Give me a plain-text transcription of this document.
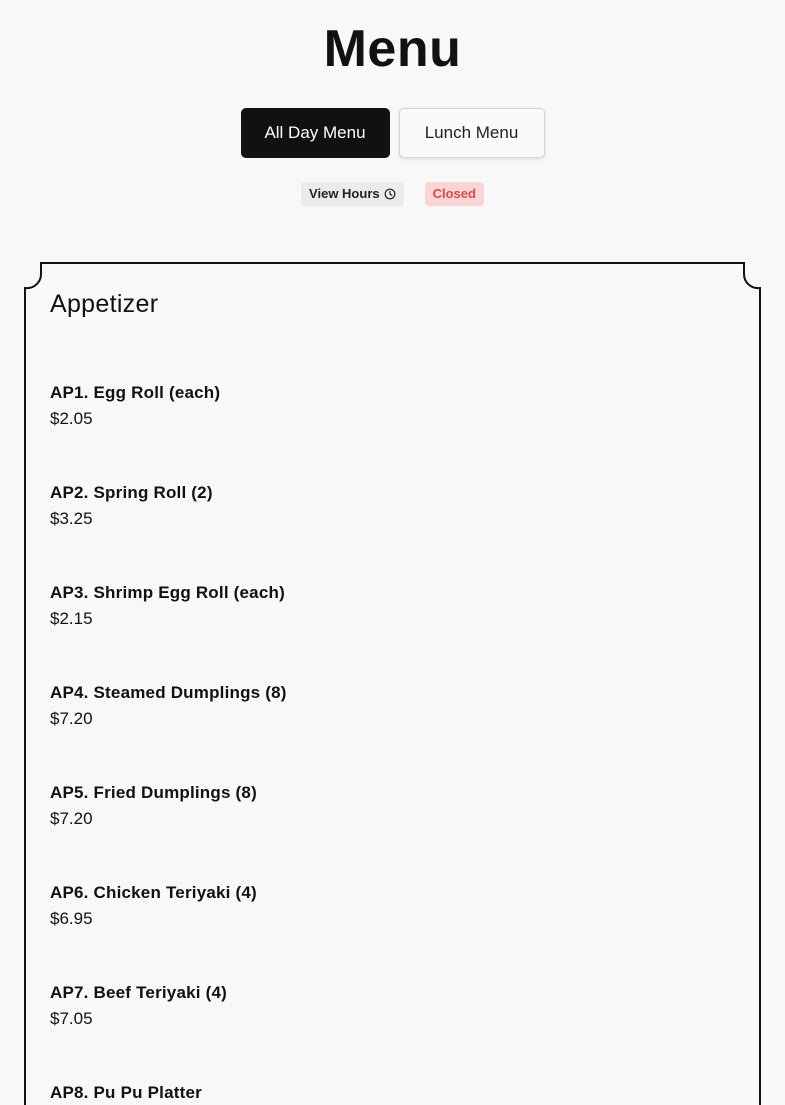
Menu
All Day Menu	Lunch Menu
View Hours	Closed
Appetizer
AP1. Egg Roll (each)
$2.05
AP2. Spring Roll (2)
$3.25
AP3. Shrimp Egg Roll (each)
$2.15
AP4. Steamed Dumplings (8)
$7.20
AP5. Fried Dumplings (8)
$7.20
AP6. Chicken Teriyaki (4)
$6.95
AP7. Beef Teriyaki (4)
$7.05
AP8. Pu Pu Platter
